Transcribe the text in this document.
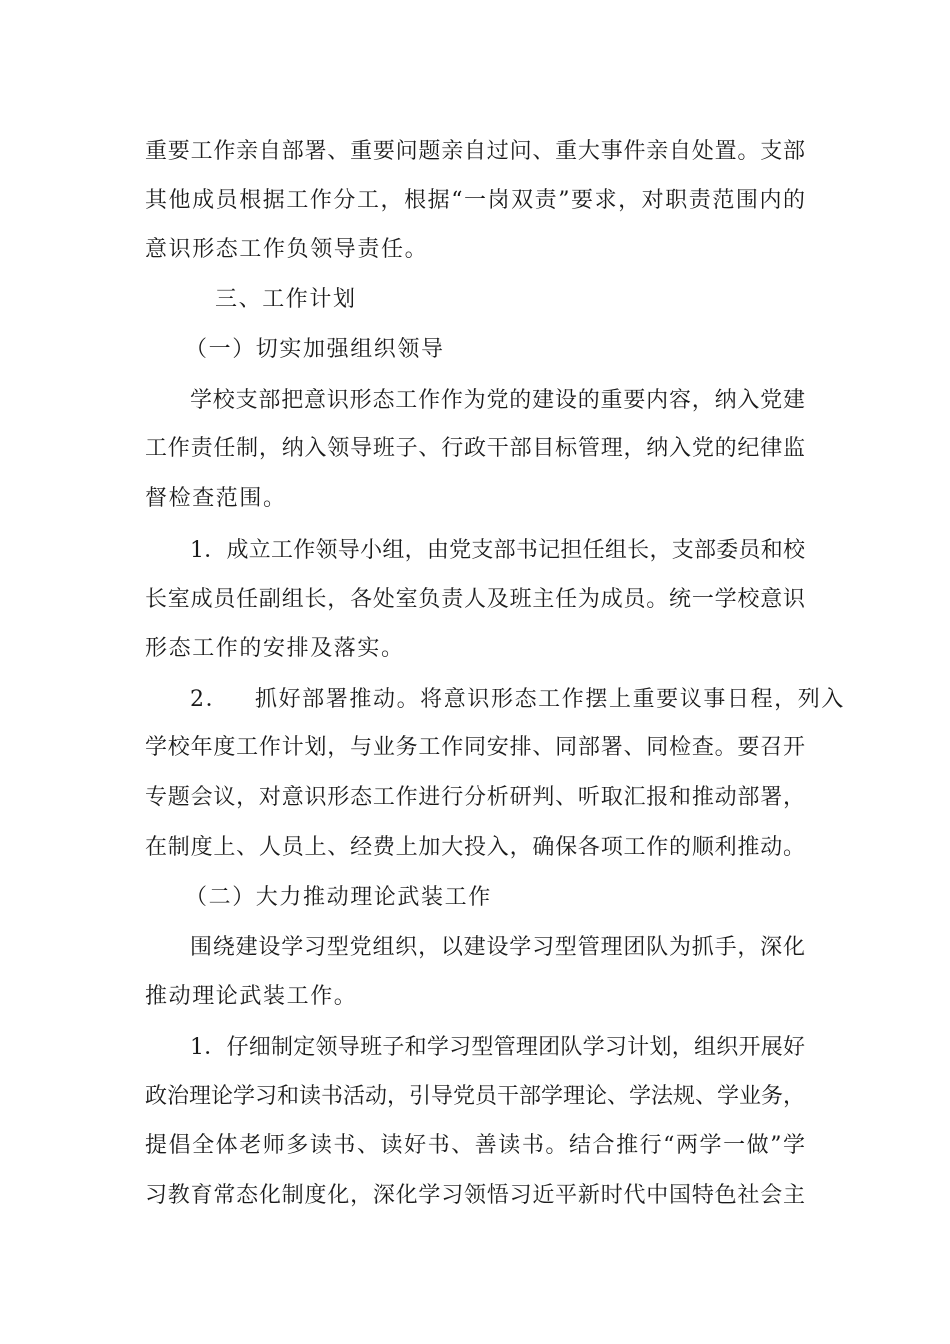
重要工作亲自部署、重要问题亲自过问、重大事件亲自处置。支部
其他成员根据工作分工，根据“一岗双责”要求，对职责范围内的
意识形态工作负领导责任。
三、工作计划
（一）切实加强组织领导
学校支部把意识形态工作作为党的建设的重要内容，纳入党建
工作责任制，纳入领导班子、行政干部目标管理，纳入党的纪律监
督检查范围。
1．成立工作领导小组，由党支部书记担任组长，支部委员和校
长室成员任副组长，各处室负责人及班主任为成员。统一学校意识
形态工作的安排及落实。
2．   抓好部署推动。将意识形态工作摆上重要议事日程，列入
学校年度工作计划，与业务工作同安排、同部署、同检查。要召开
专题会议，对意识形态工作进行分析研判、听取汇报和推动部署，
在制度上、人员上、经费上加大投入，确保各项工作的顺利推动。
（二）大力推动理论武装工作
围绕建设学习型党组织，以建设学习型管理团队为抓手，深化
推动理论武装工作。
1．仔细制定领导班子和学习型管理团队学习计划，组织开展好
政治理论学习和读书活动，引导党员干部学理论、学法规、学业务，
提倡全体老师多读书、读好书、善读书。结合推行“两学一做”学
习教育常态化制度化，深化学习领悟习近平新时代中国特色社会主
